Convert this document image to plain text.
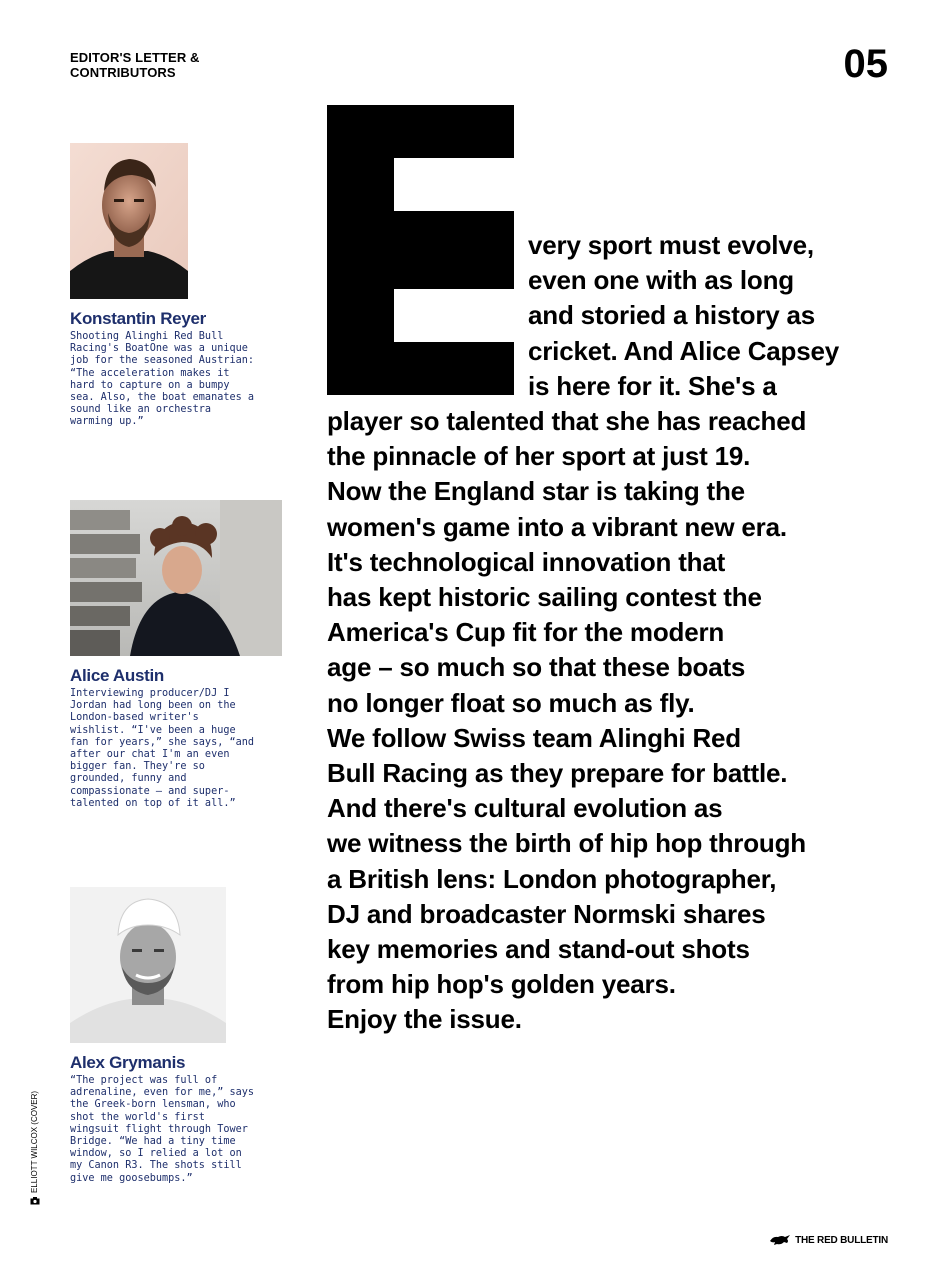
EDITOR'S LETTER &
CONTRIBUTORS	05
Konstantin Reyer
Shooting Alinghi Red Bull Racing's BoatOne was a unique job for the seasoned Austrian: “The acceleration makes it hard to capture on a bumpy sea. Also, the boat emanates a sound like an orchestra warming up.”
Alice Austin
Interviewing producer/DJ I Jordan had long been on the London-based writer's wishlist. “I've been a huge fan for years,” she says, “and after our chat I'm an even bigger fan. They're so grounded, funny and compassionate – and super-talented on top of it all.”
Alex Grymanis
“The project was full of adrenaline, even for me,” says the Greek-born lensman, who shot the world's first wingsuit flight through Tower Bridge. “We had a tiny time window, so I relied a lot on my Canon R3. The shots still give me goosebumps.”
very sport must evolve,
even one with as long
and storied a history as
cricket. And Alice Capsey
is here for it. She's a
player so talented that she has reached
the pinnacle of her sport at just 19.
Now the England star is taking the
women's game into a vibrant new era.
It's technological innovation that
has kept historic sailing contest the
America's Cup fit for the modern
age – so much so that these boats
no longer float so much as fly.
We follow Swiss team Alinghi Red
Bull Racing as they prepare for battle.
And there's cultural evolution as
we witness the birth of hip hop through
a British lens: London photographer,
DJ and broadcaster Normski shares
key memories and stand-out shots
from hip hop's golden years.
Enjoy the issue.
ELLIOTT WILCOX (COVER)
THE RED BULLETIN
